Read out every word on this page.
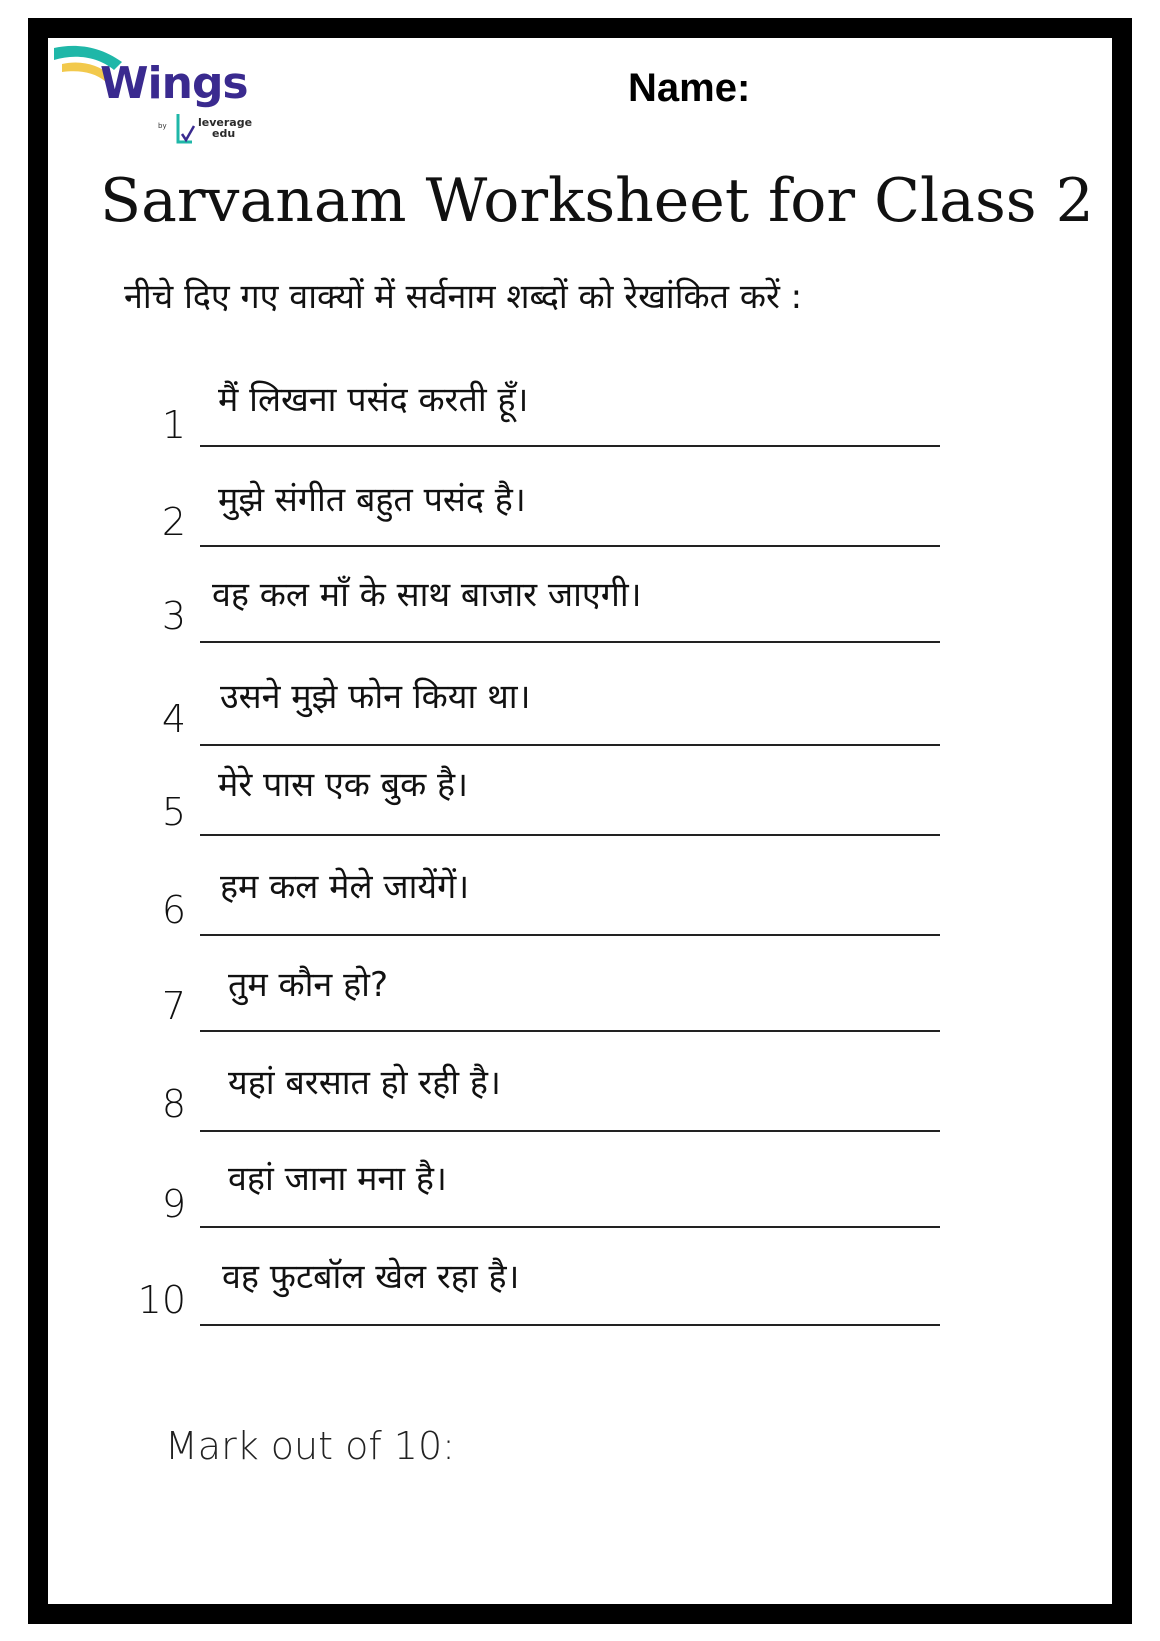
Wings
by	leverage
edu
Name:
Sarvanam Worksheet for Class 2
नीचे दिए गए वाक्यों में सर्वनाम शब्दों को रेखांकित करें :
1
मैं लिखना पसंद करती हूँ।
2 मुझे संगीत बहुत पसंद है।
3 वह कल माँ के साथ बाजार जाएगी।
4 उसने मुझे फोन किया था।
5
मेरे पास एक बुक है।
6
हम कल मेले जायेंगें।
7 तुम कौन हो?
8 यहां बरसात हो रही है।
9
वहां जाना मना है।
10
वह फुटबॉल खेल रहा है।
Mark out of 10:
